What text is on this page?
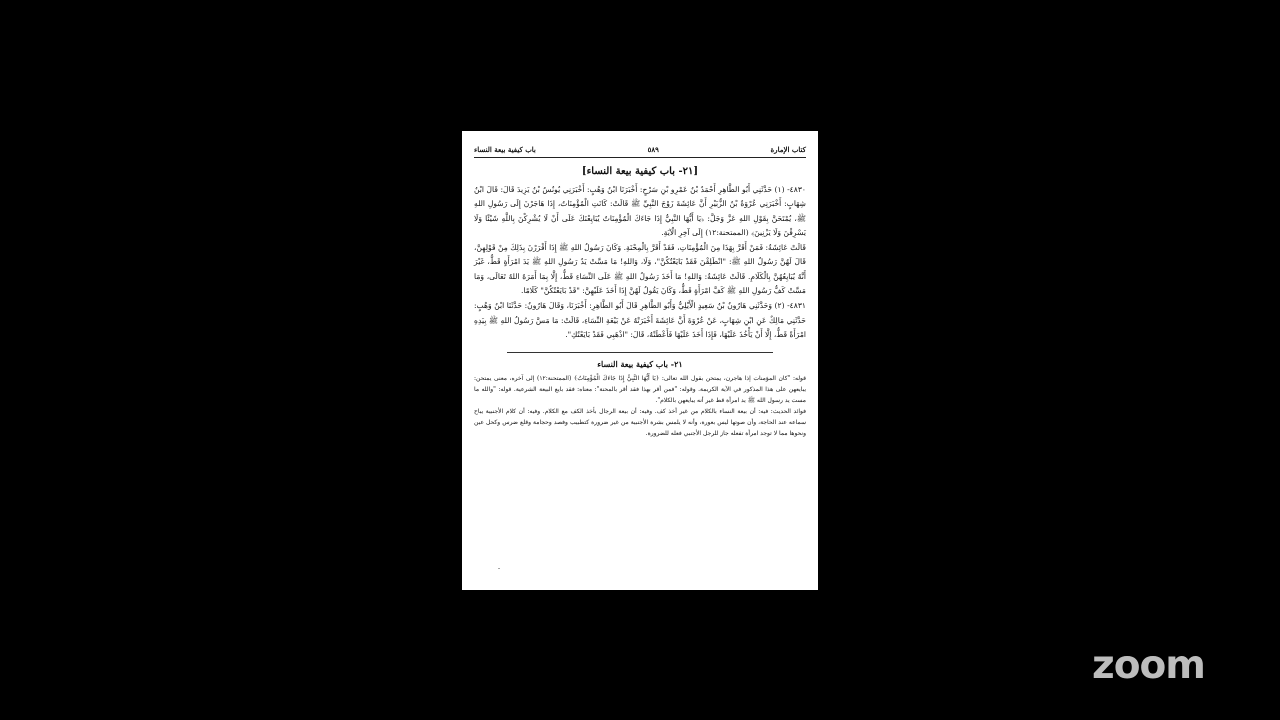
كتاب الإمارة
٥٨٩
باب كيفية بيعة النساء
[٢١- باب كيفية بيعة النساء]

٤٨٣٠- (١) حَدَّثَنِي أَبُو الطَّاهِرِ أَحْمَدُ بْنُ عَمْرِو بْنِ سَرْحٍ: أَخْبَرَنَا ابْنُ وَهْبٍ: أَخْبَرَنِي يُونُسُ بْنُ يَزِيدَ قَالَ: قَالَ ابْنُ شِهَابٍ: أَخْبَرَنِي عُرْوَةُ بْنُ الزُّبَيْرِ أَنَّ عَائِشَةَ زَوْجَ النَّبِيِّ ﷺ قَالَتْ: كَانَتِ الْمُؤْمِنَاتُ، إِذَا هَاجَرْنَ إِلَى رَسُولِ اللهِ ﷺ، يُمْتَحَنَّ بِقَوْلِ اللهِ عَزَّ وَجَلَّ: ﴿يَا أَيُّهَا النَّبِيُّ إِذَا جَاءَكَ الْمُؤْمِنَاتُ يُبَايِعْنَكَ عَلَى أَنْ لَا يُشْرِكْنَ بِاللَّهِ شَيْئًا وَلَا يَسْرِقْنَ وَلَا يَزْنِينَ﴾ (الممتحنة:١٢) إِلَى آخِرِ الْآيَةِ.

قَالَتْ عَائِشَةُ: فَمَنْ أَقَرَّ بِهَذَا مِنَ الْمُؤْمِنَاتِ، فَقَدْ أَقَرَّ بِالْمِحْنَةِ. وَكَانَ رَسُولُ اللهِ ﷺ إِذَا أَقْرَرْنَ بِذَلِكَ مِنْ قَوْلِهِنَّ، قَالَ لَهُنَّ رَسُولُ اللهِ ﷺ: "انْطَلِقْنَ فَقَدْ بَايَعْتُكُنَّ"، وَلَا، وَاللهِ! مَا مَسَّتْ يَدُ رَسُولِ اللهِ ﷺ يَدَ امْرَأَةٍ قَطُّ، غَيْرَ أَنَّهُ يُبَايِعُهُنَّ بِالْكَلَامِ. قَالَتْ عَائِشَةُ: وَاللهِ! مَا أَخَذَ رَسُولُ اللهِ ﷺ عَلَى النِّسَاءِ قَطُّ، إِلَّا بِمَا أَمَرَهُ اللهُ تَعَالَى، وَمَا مَسَّتْ كَفُّ رَسُولِ اللهِ ﷺ كَفَّ امْرَأَةٍ قَطُّ، وَكَانَ يَقُولُ لَهُنَّ إِذَا أَخَذَ عَلَيْهِنَّ: "قَدْ بَايَعْتُكُنَّ" كَلَامًا.

٤٨٣١- (٢) وَحَدَّثَنِي هَارُونُ بْنُ سَعِيدٍ الْأَيْلِيُّ وَأَبُو الطَّاهِرِ قَالَ أَبُو الطَّاهِرِ: أَخْبَرَنَا، وَقَالَ هَارُونُ: حَدَّثَنَا ابْنُ وَهْبٍ: حَدَّثَنِي مَالِكٌ عَنِ ابْنِ شِهَابٍ، عَنْ عُرْوَةَ أَنَّ عَائِشَةَ أَخْبَرَتْهُ عَنْ بَيْعَةِ النِّسَاءِ، قَالَتْ: مَا مَسَّ رَسُولُ اللهِ ﷺ بِيَدِهِ امْرَأَةً قَطُّ، إِلَّا أَنْ يَأْخُذَ عَلَيْهَا، فَإِذَا أَخَذَ عَلَيْهَا فَأَعْطَتْهُ، قَالَ: "اذْهَبِي فَقَدْ بَايَعْتُكِ".

٢١- باب كيفية بيعة النساء

قوله: "كان المؤمنات إذا هاجرن، يمتحن بقول الله تعالى: ﴿يَا أَيُّهَا النَّبِيُّ إِذَا جَاءَكَ الْمُؤْمِنَاتُ﴾ (الممتحنة:١٢) إلى آخره، معنى يمتحن: يبايعهن على هذا المذكور في الآية الكريمة. وقوله: "فمن أقر بهذا فقد أقر بالمحنة": معناه: فقد بايع البيعة الشرعية. قوله: "والله ما مست يد رسول الله ﷺ يد امرأة قط غير أنه يبايعهن بالكلام".

فوائد الحديث: فيه: أن بيعة النساء بالكلام من غير أخذ كف. وفيه: أن بيعة الرجال بأخذ الكف مع الكلام. وفيه: أن كلام الأجنبية يباح سماعه عند الحاجة، وأن صوتها ليس بعورة، وأنه لا يلمس بشرة الأجنبية من غير ضرورة كتطبيب وفصد وحجامة وقلع ضرس وكحل عين ونحوها مما لا توجد امرأة تفعله جاز للرجل الأجنبي فعله للضرورة.

-
zoom
